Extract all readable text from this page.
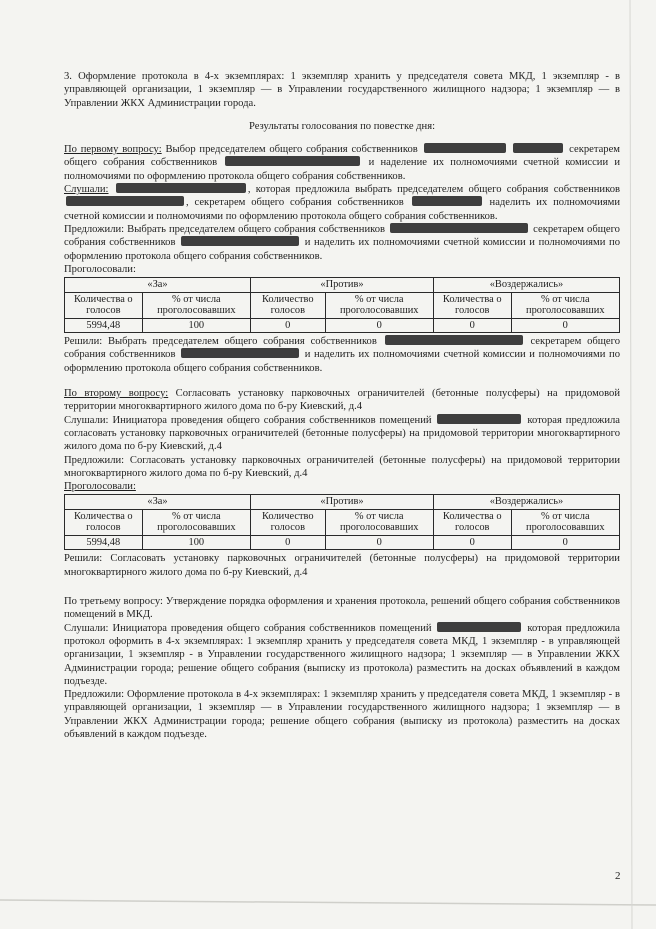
3. Оформление протокола в 4-х экземплярах: 1 экземпляр хранить у председателя совета МКД, 1 экземпляр - в управляющей организации, 1 экземпляр — в Управлении государственного жилищного надзора; 1 экземпляр — в Управлении ЖКХ Администрации города.

Результаты голосования по повестке дня:

По первому вопросу: Выбор председателем общего собрания собственников	секретарем общего собрания собственников	и наделение их полномочиями счетной комиссии и полномочиями по оформлению протокола общего собрания собственников.

Слушали:	, которая предложила выбрать председателем общего собрания собственников , секретарем общего собрания собственников	наделить их полномочиями счетной комиссии и полномочиями по оформлению протокола общего собрания собственников.

Предложили: Выбрать председателем общего собрания собственников	секретарем общего собрания собственников	и наделить их полномочиями счетной комиссии и полномочиями по оформлению протокола общего собрания собственников.

Проголосовали:

«За»		«Против»		«Воздержались»	
Количества о голосов	% от числа проголосовавших	Количество голосов	% от числа проголосовавших	Количества о голосов	% от числа проголосовавших
5994,48	100	0	0	0	0

Решили: Выбрать председателем общего собрания собственников	секретарем общего собрания собственников	и наделить их полномочиями счетной комиссии и полномочиями по оформлению протокола общего собрания собственников.

По второму вопросу: Согласовать установку парковочных ограничителей (бетонные полусферы) на придомовой территории многоквартирного жилого дома по б-ру Киевский, д.4

Слушали: Инициатора проведения общего собрания собственников помещений	которая предложила согласовать установку парковочных ограничителей (бетонные полусферы) на придомовой территории многоквартирного жилого дома по б-ру Киевский, д.4

Предложили: Согласовать установку парковочных ограничителей (бетонные полусферы) на придомовой территории многоквартирного жилого дома по б-ру Киевский, д.4

Проголосовали:

«За»		«Против»		«Воздержались»	
Количества о голосов	% от числа проголосовавших	Количество голосов	% от числа проголосовавших	Количества о голосов	% от числа проголосовавших
5994,48	100	0	0	0	0

Решили: Согласовать установку парковочных ограничителей (бетонные полусферы) на придомовой территории многоквартирного жилого дома по б-ру Киевский, д.4

По третьему вопросу: Утверждение порядка оформления и хранения протокола, решений общего собрания собственников помещений в МКД.

Слушали: Инициатора проведения общего собрания собственников помещений	которая предложила протокол оформить в 4-х экземплярах: 1 экземпляр хранить у председателя совета МКД, 1 экземпляр - в управляющей организации, 1 экземпляр - в Управлении государственного жилищного надзора; 1 экземпляр — в Управлении ЖКХ Администрации города; решение общего собрания (выписку из протокола) разместить на досках объявлений в каждом подъезде.

Предложили: Оформление протокола в 4-х экземплярах: 1 экземпляр хранить у председателя совета МКД, 1 экземпляр - в управляющей организации, 1 экземпляр — в Управлении государственного жилищного надзора; 1 экземпляр — в Управлении ЖКХ Администрации города; решение общего собрания (выписку из протокола) разместить на досках объявлений в каждом подъезде.

2
